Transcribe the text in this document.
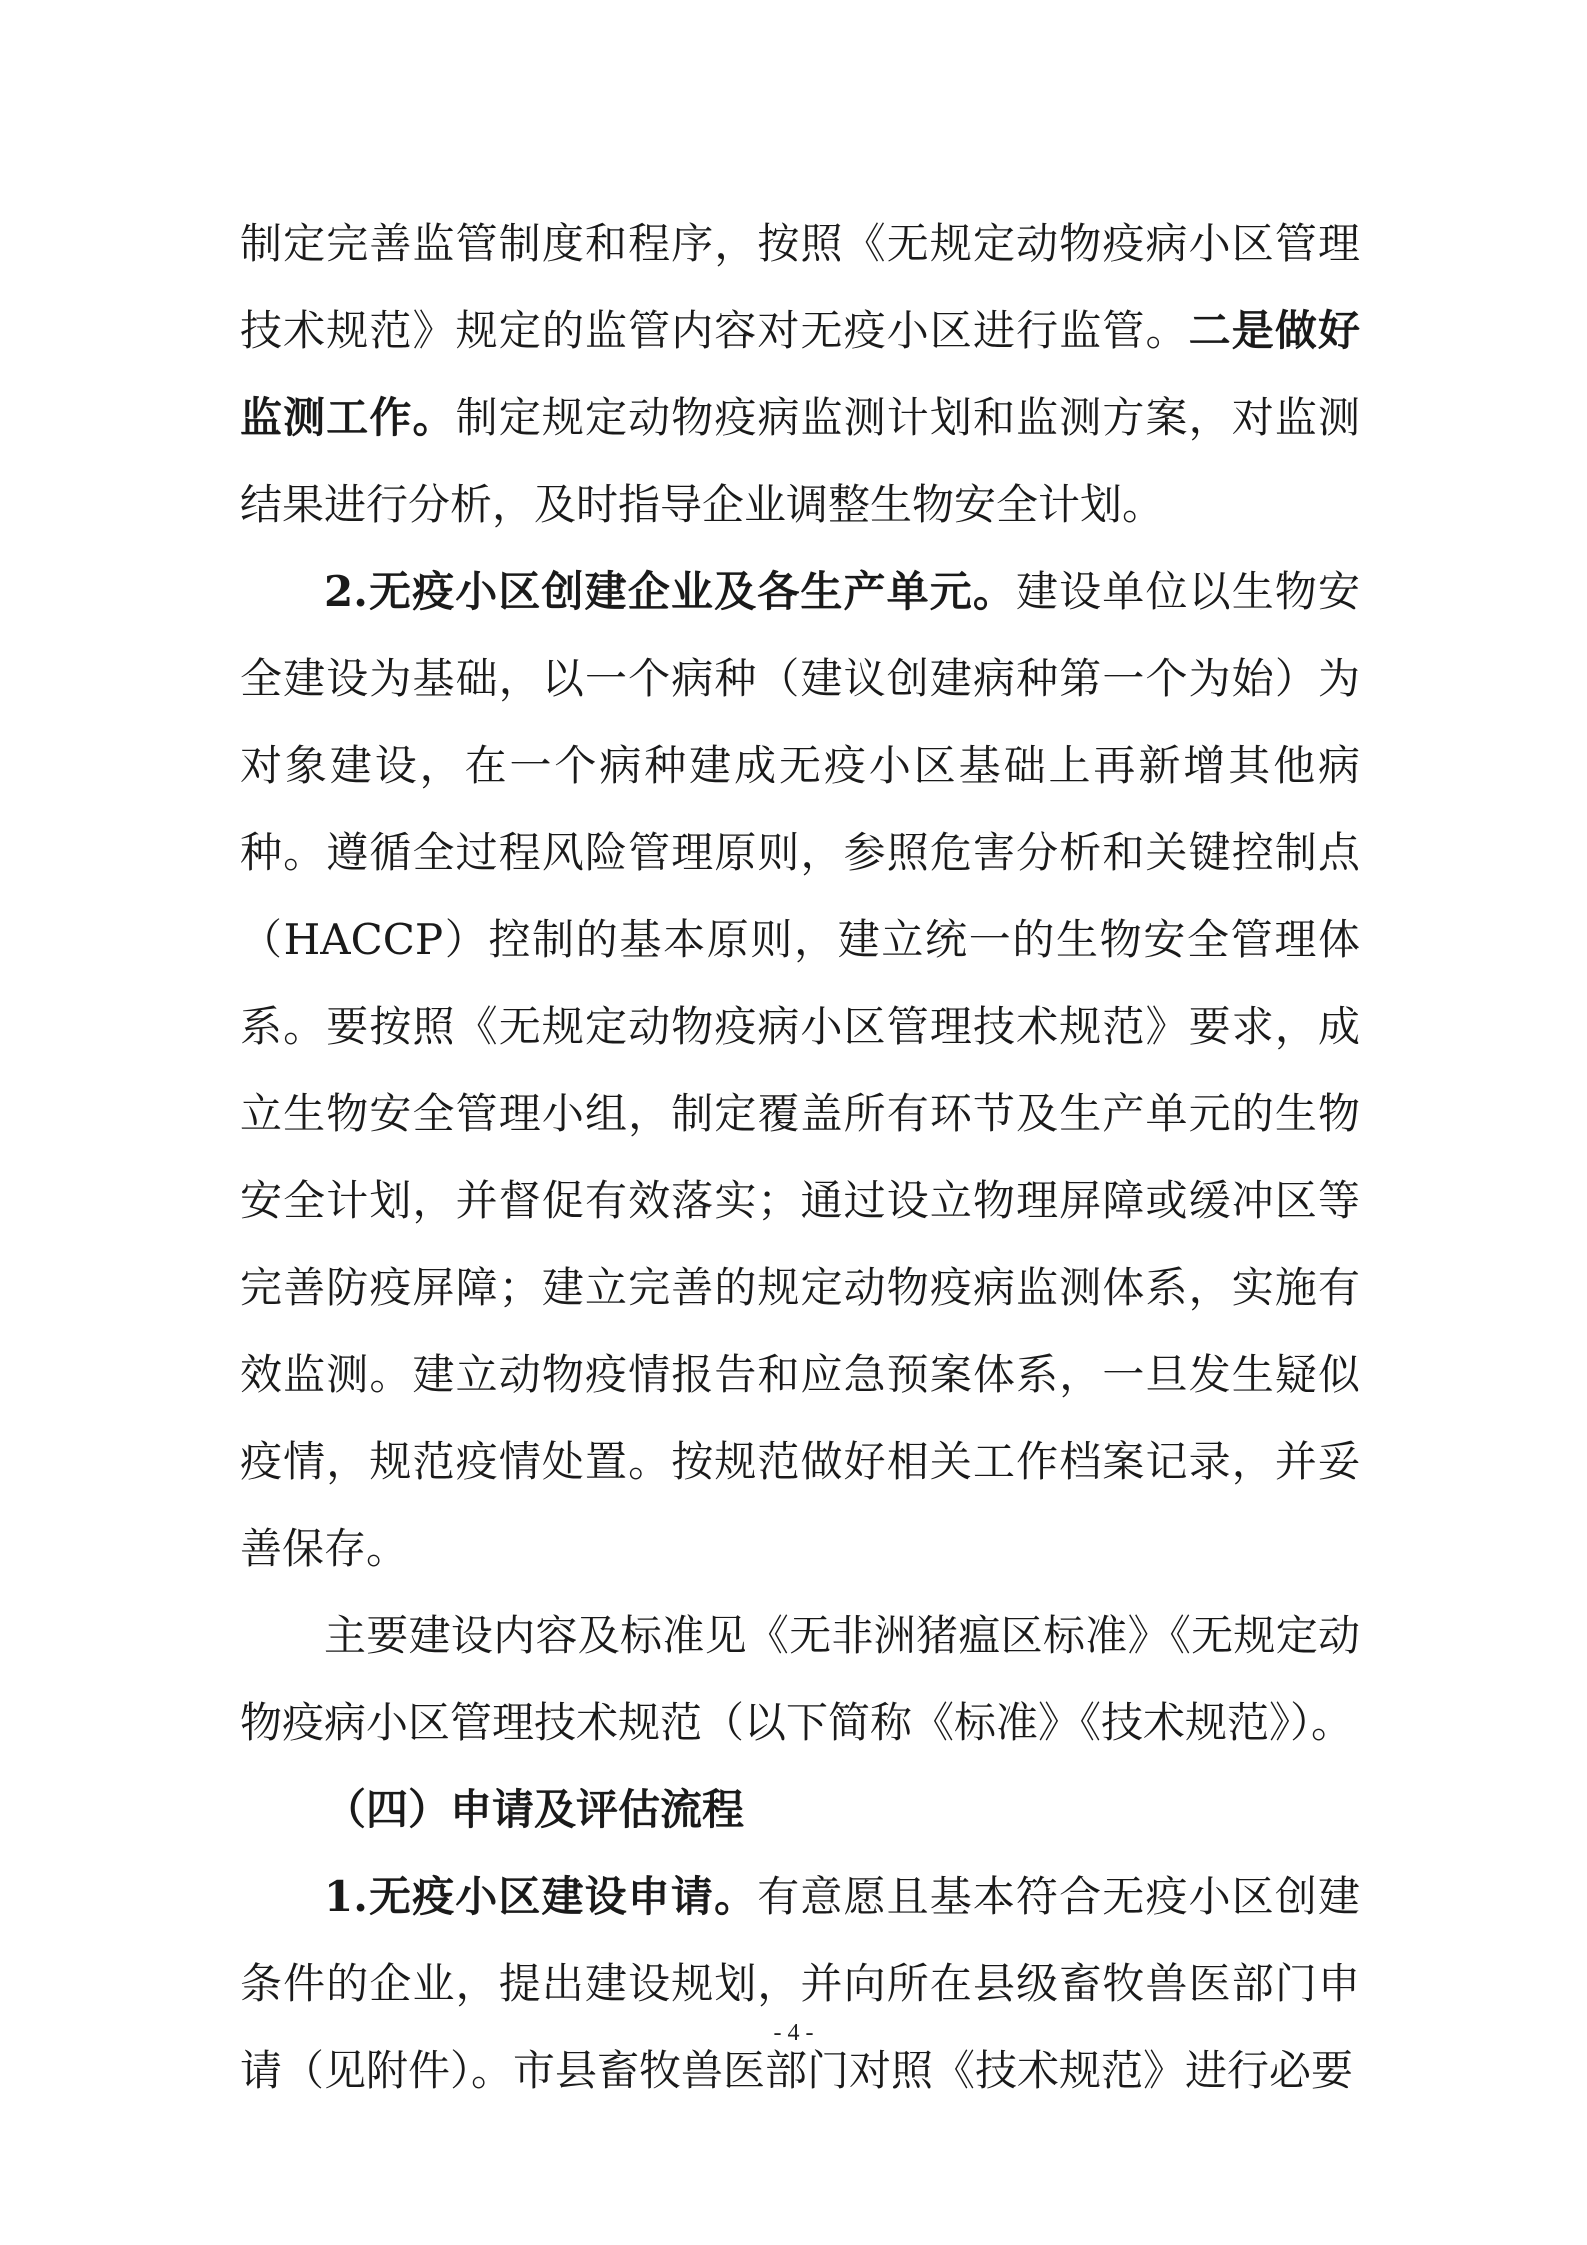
制定完善监管制度和程序，按照《无规定动物疫病小区管理技术规范》规定的监管内容对无疫小区进行监管。二是做好监测工作。制定规定动物疫病监测计划和监测方案，对监测结果进行分析，及时指导企业调整生物安全计划。

2.无疫小区创建企业及各生产单元。建设单位以生物安全建设为基础，以一个病种（建议创建病种第一个为始）为对象建设，在一个病种建成无疫小区基础上再新增其他病种。遵循全过程风险管理原则，参照危害分析和关键控制点（HACCP）控制的基本原则，建立统一的生物安全管理体系。要按照《无规定动物疫病小区管理技术规范》要求，成立生物安全管理小组，制定覆盖所有环节及生产单元的生物安全计划，并督促有效落实；通过设立物理屏障或缓冲区等完善防疫屏障；建立完善的规定动物疫病监测体系，实施有效监测。建立动物疫情报告和应急预案体系，一旦发生疑似疫情，规范疫情处置。按规范做好相关工作档案记录，并妥善保存。

主要建设内容及标准见《无非洲猪瘟区标准》《无规定动物疫病小区管理技术规范（以下简称《标准》《技术规范》）。

（四）申请及评估流程

1.无疫小区建设申请。有意愿且基本符合无疫小区创建条件的企业，提出建设规划，并向所在县级畜牧兽医部门申请（见附件）。市县畜牧兽医部门对照《技术规范》进行必要

- 4 -
